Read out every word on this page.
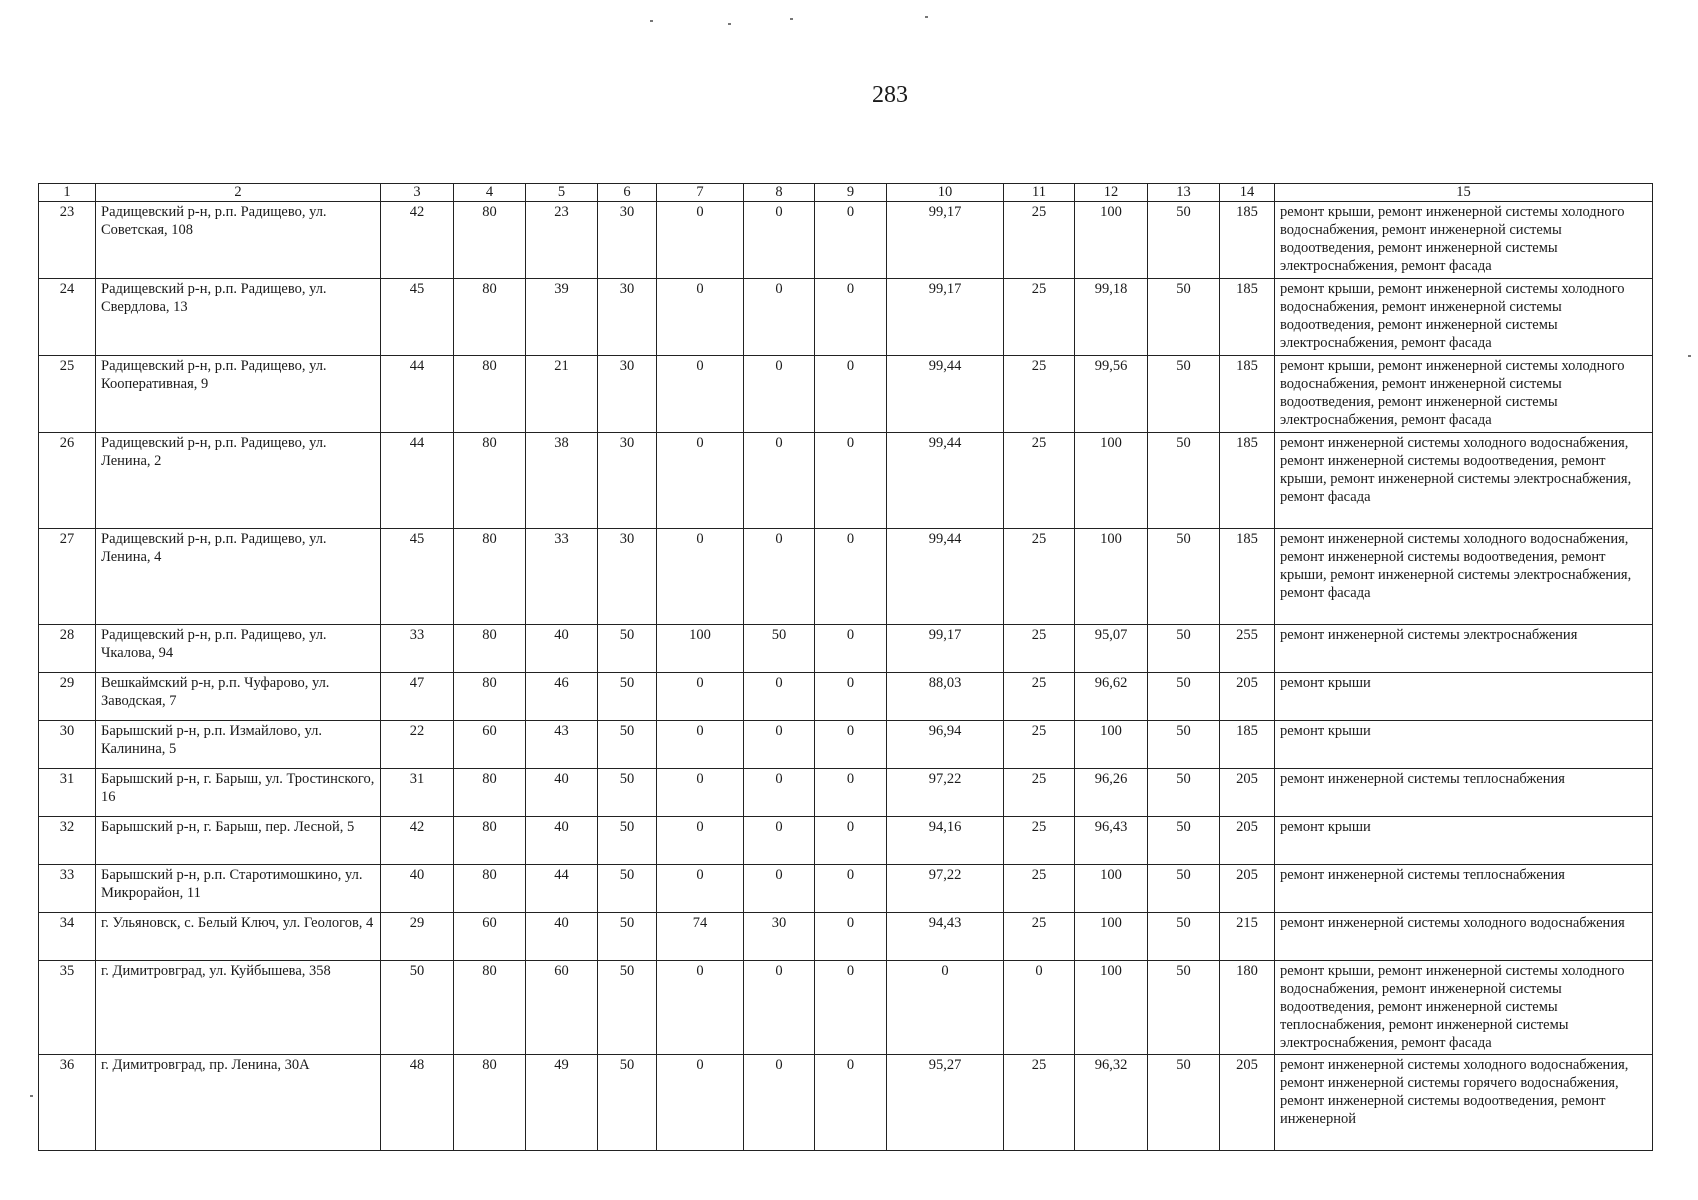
283
1	2	3	4	5	6	7	8	9	10	11	12	13	14	15
23	Радищевский р-н, р.п. Радищево, ул. Советская, 108	42	80	23	30	0	0	0	99,17	25	100	50	185	ремонт крыши, ремонт инженерной системы холодного водоснабжения, ремонт инженерной системы водоотведения, ремонт инженерной системы электроснабжения, ремонт фасада
24	Радищевский р-н, р.п. Радищево, ул. Свердлова, 13	45	80	39	30	0	0	0	99,17	25	99,18	50	185	ремонт крыши, ремонт инженерной системы холодного водоснабжения, ремонт инженерной системы водоотведения, ремонт инженерной системы электроснабжения, ремонт фасада
25	Радищевский р-н, р.п. Радищево, ул. Кооперативная, 9	44	80	21	30	0	0	0	99,44	25	99,56	50	185	ремонт крыши, ремонт инженерной системы холодного водоснабжения, ремонт инженерной системы водоотведения, ремонт инженерной системы электроснабжения, ремонт фасада
26	Радищевский р-н, р.п. Радищево, ул. Ленина, 2	44	80	38	30	0	0	0	99,44	25	100	50	185	ремонт инженерной системы холодного водоснабжения, ремонт инженерной системы водоотведения, ремонт крыши, ремонт инженерной системы электроснабжения, ремонт фасада
27	Радищевский р-н, р.п. Радищево, ул. Ленина, 4	45	80	33	30	0	0	0	99,44	25	100	50	185	ремонт инженерной системы холодного водоснабжения, ремонт инженерной системы водоотведения, ремонт крыши, ремонт инженерной системы электроснабжения, ремонт фасада
28	Радищевский р-н, р.п. Радищево, ул. Чкалова, 94	33	80	40	50	100	50	0	99,17	25	95,07	50	255	ремонт инженерной системы электроснабжения
29	Вешкаймский р-н, р.п. Чуфарово, ул. Заводская, 7	47	80	46	50	0	0	0	88,03	25	96,62	50	205	ремонт крыши
30	Барышский р-н, р.п. Измайлово, ул. Калинина, 5	22	60	43	50	0	0	0	96,94	25	100	50	185	ремонт крыши
31	Барышский р-н, г. Барыш, ул. Тростинского, 16	31	80	40	50	0	0	0	97,22	25	96,26	50	205	ремонт инженерной системы теплоснабжения
32	Барышский р-н, г. Барыш, пер. Лесной, 5	42	80	40	50	0	0	0	94,16	25	96,43	50	205	ремонт крыши
33	Барышский р-н, р.п. Старотимошкино, ул. Микрорайон, 11	40	80	44	50	0	0	0	97,22	25	100	50	205	ремонт инженерной системы теплоснабжения
34	г. Ульяновск, с. Белый Ключ, ул. Геологов, 4	29	60	40	50	74	30	0	94,43	25	100	50	215	ремонт инженерной системы холодного водоснабжения
35	г. Димитровград, ул. Куйбышева, 358	50	80	60	50	0	0	0	0	0	100	50	180	ремонт крыши, ремонт инженерной системы холодного водоснабжения, ремонт инженерной системы водоотведения, ремонт инженерной системы теплоснабжения, ремонт инженерной системы электроснабжения, ремонт фасада
36	г. Димитровград, пр. Ленина, 30А	48	80	49	50	0	0	0	95,27	25	96,32	50	205	ремонт инженерной системы холодного водоснабжения, ремонт инженерной системы горячего водоснабжения, ремонт инженерной системы водоотведения, ремонт инженерной
